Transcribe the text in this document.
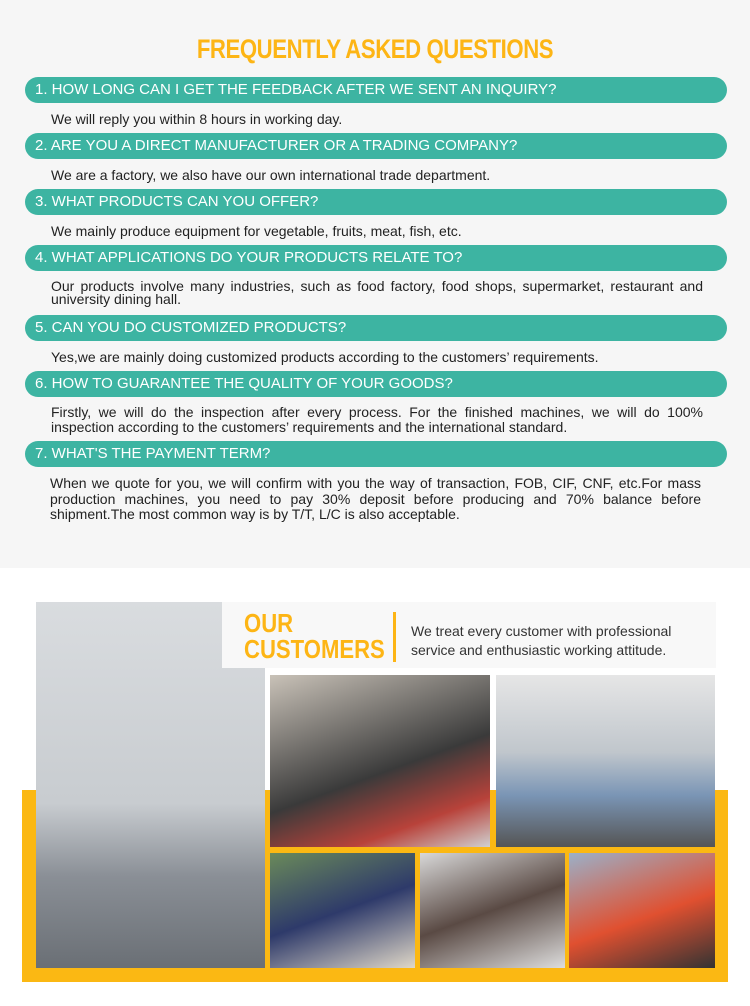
FREQUENTLY ASKED QUESTIONS
1. HOW LONG CAN I GET THE FEEDBACK AFTER WE SENT AN INQUIRY?
We will reply you within 8 hours in working day.
2. ARE YOU A DIRECT MANUFACTURER OR A TRADING COMPANY?
We are a factory, we also have our own international trade department.
3. WHAT PRODUCTS CAN YOU OFFER?
We mainly produce equipment for vegetable, fruits, meat, fish, etc.
4. WHAT APPLICATIONS DO YOUR PRODUCTS RELATE TO?
Our products involve many industries, such as food factory, food shops, supermarket, restaurant and university dining hall.
5. CAN YOU DO CUSTOMIZED PRODUCTS?
Yes,we are mainly doing customized products according to the customers’ requirements.
6. HOW TO GUARANTEE THE QUALITY OF YOUR GOODS?
Firstly, we will do the inspection after every process. For the finished machines, we will do 100% inspection according to the customers’ requirements and the international standard.
7. WHAT'S THE PAYMENT TERM?
When we quote for you, we will confirm with you the way of transaction, FOB, CIF, CNF, etc.For mass production machines, you need to pay 30% deposit before producing and 70% balance before shipment.The most common way is by T/T, L/C is also acceptable.
OUR
CUSTOMERS
We treat every customer with professional
service and enthusiastic working attitude.
